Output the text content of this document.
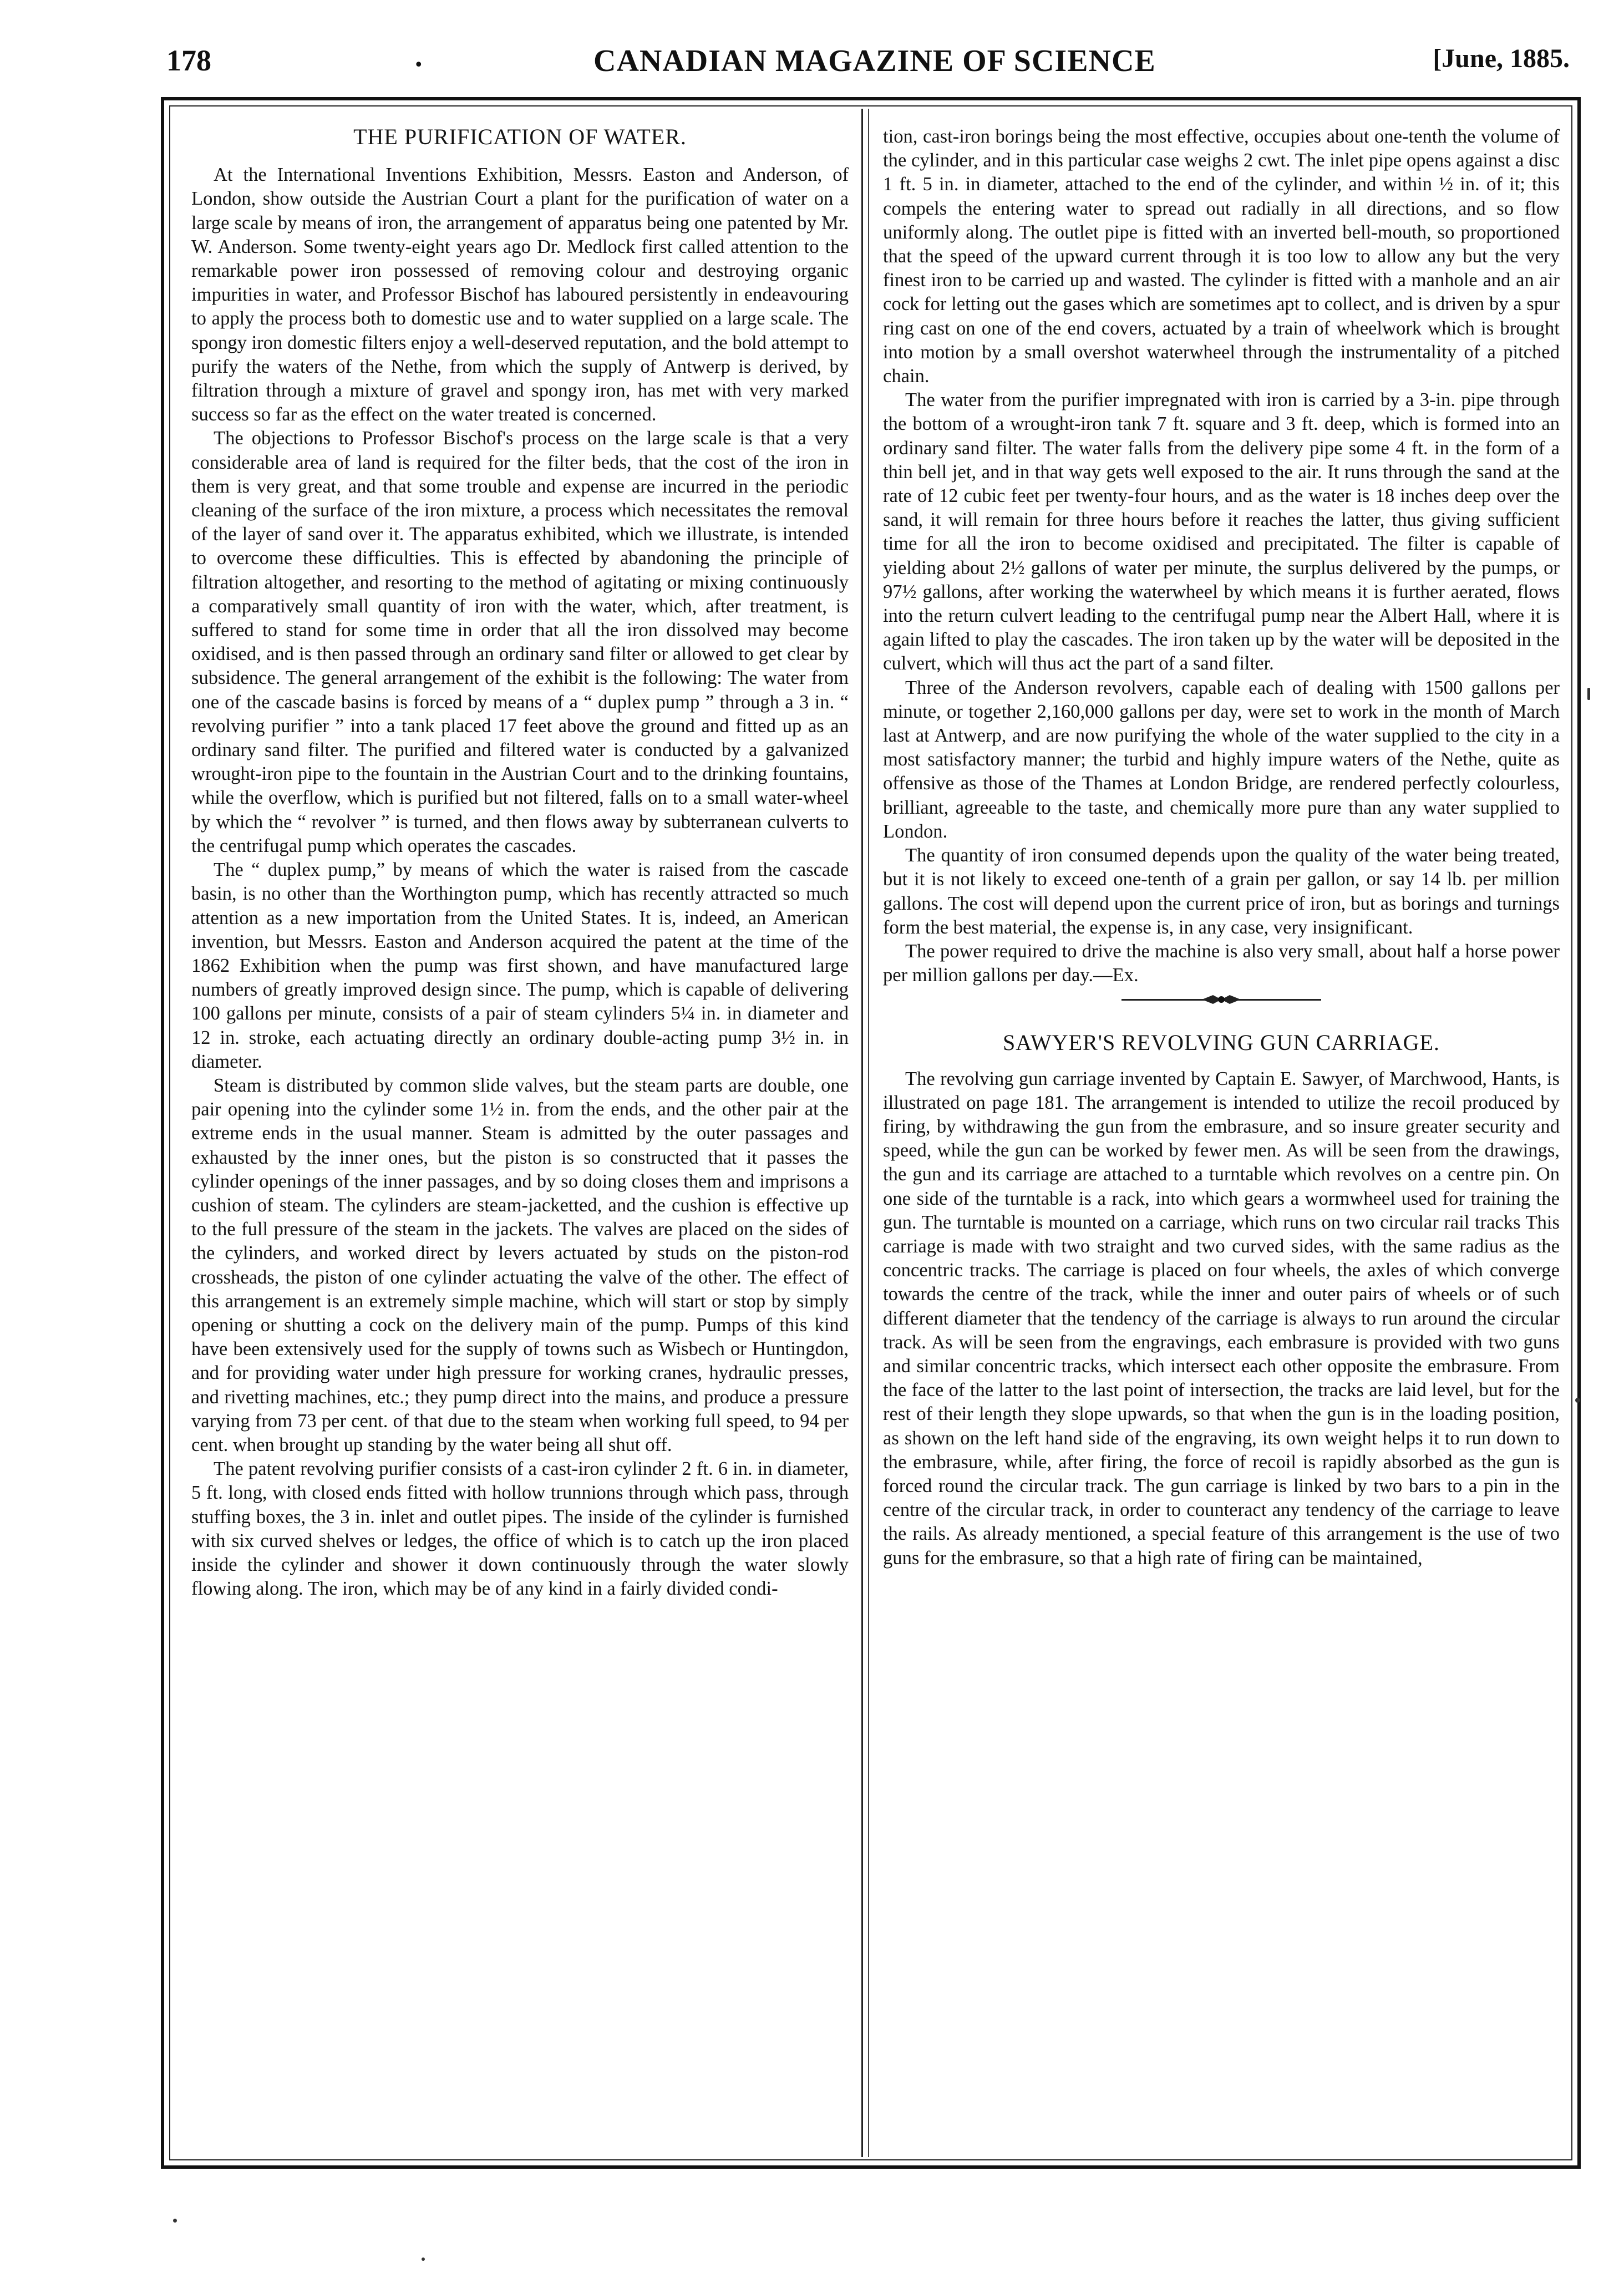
178	.	CANADIAN MAGAZINE OF SCIENCE	[June, 1885.
THE PURIFICATION OF WATER.

At the International Inventions Exhibition, Messrs. Easton and Anderson, of London, show outside the Austrian Court a plant for the purification of water on a large scale by means of iron, the arrangement of apparatus being one patented by Mr. W. Anderson. Some twenty-eight years ago Dr. Medlock first called attention to the remarkable power iron possessed of removing colour and destroying organic impurities in water, and Professor Bischof has laboured persistently in endeavouring to apply the process both to domestic use and to water supplied on a large scale. The spongy iron domestic filters enjoy a well-deserved reputation, and the bold attempt to purify the waters of the Nethe, from which the supply of Antwerp is derived, by filtration through a mixture of gravel and spongy iron, has met with very marked success so far as the effect on the water treated is concerned.

The objections to Professor Bischof's process on the large scale is that a very considerable area of land is required for the filter beds, that the cost of the iron in them is very great, and that some trouble and expense are incurred in the periodic cleaning of the surface of the iron mixture, a process which necessitates the removal of the layer of sand over it. The apparatus exhibited, which we illustrate, is intended to overcome these difficulties. This is effected by abandoning the principle of filtration altogether, and resorting to the method of agitating or mixing continuously a comparatively small quantity of iron with the water, which, after treatment, is suffered to stand for some time in order that all the iron dissolved may become oxidised, and is then passed through an ordinary sand filter or allowed to get clear by subsidence. The general arrangement of the exhibit is the following: The water from one of the cascade basins is forced by means of a “ duplex pump ” through a 3 in. “ revolving purifier ” into a tank placed 17 feet above the ground and fitted up as an ordinary sand filter. The purified and filtered water is conducted by a galvanized wrought-iron pipe to the fountain in the Austrian Court and to the drinking fountains, while the overflow, which is purified but not filtered, falls on to a small water-wheel by which the “ revolver ” is turned, and then flows away by subterranean culverts to the centrifugal pump which operates the cascades.

The “ duplex pump,” by means of which the water is raised from the cascade basin, is no other than the Worthington pump, which has recently attracted so much attention as a new importation from the United States. It is, indeed, an American invention, but Messrs. Easton and Anderson acquired the patent at the time of the 1862 Exhibition when the pump was first shown, and have manufactured large numbers of greatly improved design since. The pump, which is capable of delivering 100 gallons per minute, consists of a pair of steam cylinders 5¼ in. in diameter and 12 in. stroke, each actuating directly an ordinary double-acting pump 3½ in. in diameter.

Steam is distributed by common slide valves, but the steam parts are double, one pair opening into the cylinder some 1½ in. from the ends, and the other pair at the extreme ends in the usual manner. Steam is admitted by the outer passages and exhausted by the inner ones, but the piston is so constructed that it passes the cylinder openings of the inner passages, and by so doing closes them and imprisons a cushion of steam. The cylinders are steam-jacketted, and the cushion is effective up to the full pressure of the steam in the jackets. The valves are placed on the sides of the cylinders, and worked direct by levers actuated by studs on the piston-rod crossheads, the piston of one cylinder actuating the valve of the other. The effect of this arrangement is an extremely simple machine, which will start or stop by simply opening or shutting a cock on the delivery main of the pump. Pumps of this kind have been extensively used for the supply of towns such as Wisbech or Huntingdon, and for providing water under high pressure for working cranes, hydraulic presses, and rivetting machines, etc.; they pump direct into the mains, and produce a pressure varying from 73 per cent. of that due to the steam when working full speed, to 94 per cent. when brought up standing by the water being all shut off.

The patent revolving purifier consists of a cast-iron cylinder 2 ft. 6 in. in diameter, 5 ft. long, with closed ends fitted with hollow trunnions through which pass, through stuffing boxes, the 3 in. inlet and outlet pipes. The inside of the cylinder is furnished with six curved shelves or ledges, the office of which is to catch up the iron placed inside the cylinder and shower it down continuously through the water slowly flowing along. The iron, which may be of any kind in a fairly divided condi-

tion, cast-iron borings being the most effective, occupies about one-tenth the volume of the cylinder, and in this particular case weighs 2 cwt. The inlet pipe opens against a disc 1 ft. 5 in. in diameter, attached to the end of the cylinder, and within ½ in. of it; this compels the entering water to spread out radially in all directions, and so flow uniformly along. The outlet pipe is fitted with an inverted bell-mouth, so proportioned that the speed of the upward current through it is too low to allow any but the very finest iron to be carried up and wasted. The cylinder is fitted with a manhole and an air cock for letting out the gases which are sometimes apt to collect, and is driven by a spur ring cast on one of the end covers, actuated by a train of wheelwork which is brought into motion by a small overshot waterwheel through the instrumentality of a pitched chain.

The water from the purifier impregnated with iron is carried by a 3-in. pipe through the bottom of a wrought-iron tank 7 ft. square and 3 ft. deep, which is formed into an ordinary sand filter. The water falls from the delivery pipe some 4 ft. in the form of a thin bell jet, and in that way gets well exposed to the air. It runs through the sand at the rate of 12 cubic feet per twenty-four hours, and as the water is 18 inches deep over the sand, it will remain for three hours before it reaches the latter, thus giving sufficient time for all the iron to become oxidised and precipitated. The filter is capable of yielding about 2½ gallons of water per minute, the surplus delivered by the pumps, or 97½ gallons, after working the waterwheel by which means it is further aerated, flows into the return culvert leading to the centrifugal pump near the Albert Hall, where it is again lifted to play the cascades. The iron taken up by the water will be deposited in the culvert, which will thus act the part of a sand filter.

Three of the Anderson revolvers, capable each of dealing with 1500 gallons per minute, or together 2,160,000 gallons per day, were set to work in the month of March last at Antwerp, and are now purifying the whole of the water supplied to the city in a most satisfactory manner; the turbid and highly impure waters of the Nethe, quite as offensive as those of the Thames at London Bridge, are rendered perfectly colourless, brilliant, agreeable to the taste, and chemically more pure than any water supplied to London.

The quantity of iron consumed depends upon the quality of the water being treated, but it is not likely to exceed one-tenth of a grain per gallon, or say 14 lb. per million gallons. The cost will depend upon the current price of iron, but as borings and turnings form the best material, the expense is, in any case, very insignificant.

The power required to drive the machine is also very small, about half a horse power per million gallons per day.—Ex.

SAWYER'S REVOLVING GUN CARRIAGE.

The revolving gun carriage invented by Captain E. Sawyer, of Marchwood, Hants, is illustrated on page 181. The arrangement is intended to utilize the recoil produced by firing, by withdrawing the gun from the embrasure, and so insure greater security and speed, while the gun can be worked by fewer men. As will be seen from the drawings, the gun and its carriage are attached to a turntable which revolves on a centre pin. On one side of the turntable is a rack, into which gears a wormwheel used for training the gun. The turntable is mounted on a carriage, which runs on two circular rail tracks This carriage is made with two straight and two curved sides, with the same radius as the concentric tracks. The carriage is placed on four wheels, the axles of which converge towards the centre of the track, while the inner and outer pairs of wheels or of such different diameter that the tendency of the carriage is always to run around the circular track. As will be seen from the engravings, each embrasure is provided with two guns and similar concentric tracks, which intersect each other opposite the embrasure. From the face of the latter to the last point of intersection, the tracks are laid level, but for the rest of their length they slope upwards, so that when the gun is in the loading position, as shown on the left hand side of the engraving, its own weight helps it to run down to the embrasure, while, after firing, the force of recoil is rapidly absorbed as the gun is forced round the circular track. The gun carriage is linked by two bars to a pin in the centre of the circular track, in order to counteract any tendency of the carriage to leave the rails. As already mentioned, a special feature of this arrangement is the use of two guns for the embrasure, so that a high rate of firing can be maintained,
